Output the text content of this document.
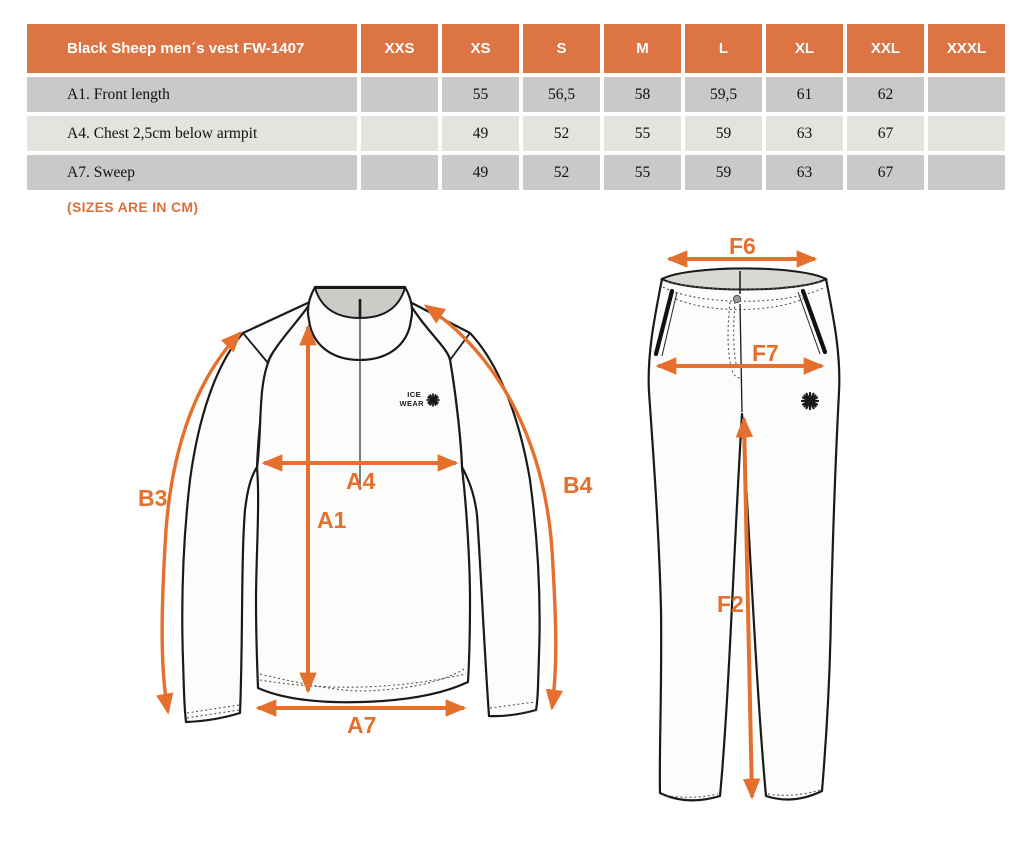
Black Sheep men´s vest FW-1407	XXS	XS	S	M	L	XL	XXL	XXXL
A1. Front length		55	56,5	58	59,5	61	62	
A4. Chest 2,5cm below armpit		49	52	55	59	63	67	
A7. Sweep		49	52	55	59	63	67	
(SIZES ARE IN CM)
ICE
WEAR
B3	B4
A4
A1
A7
F6
F7
F2
